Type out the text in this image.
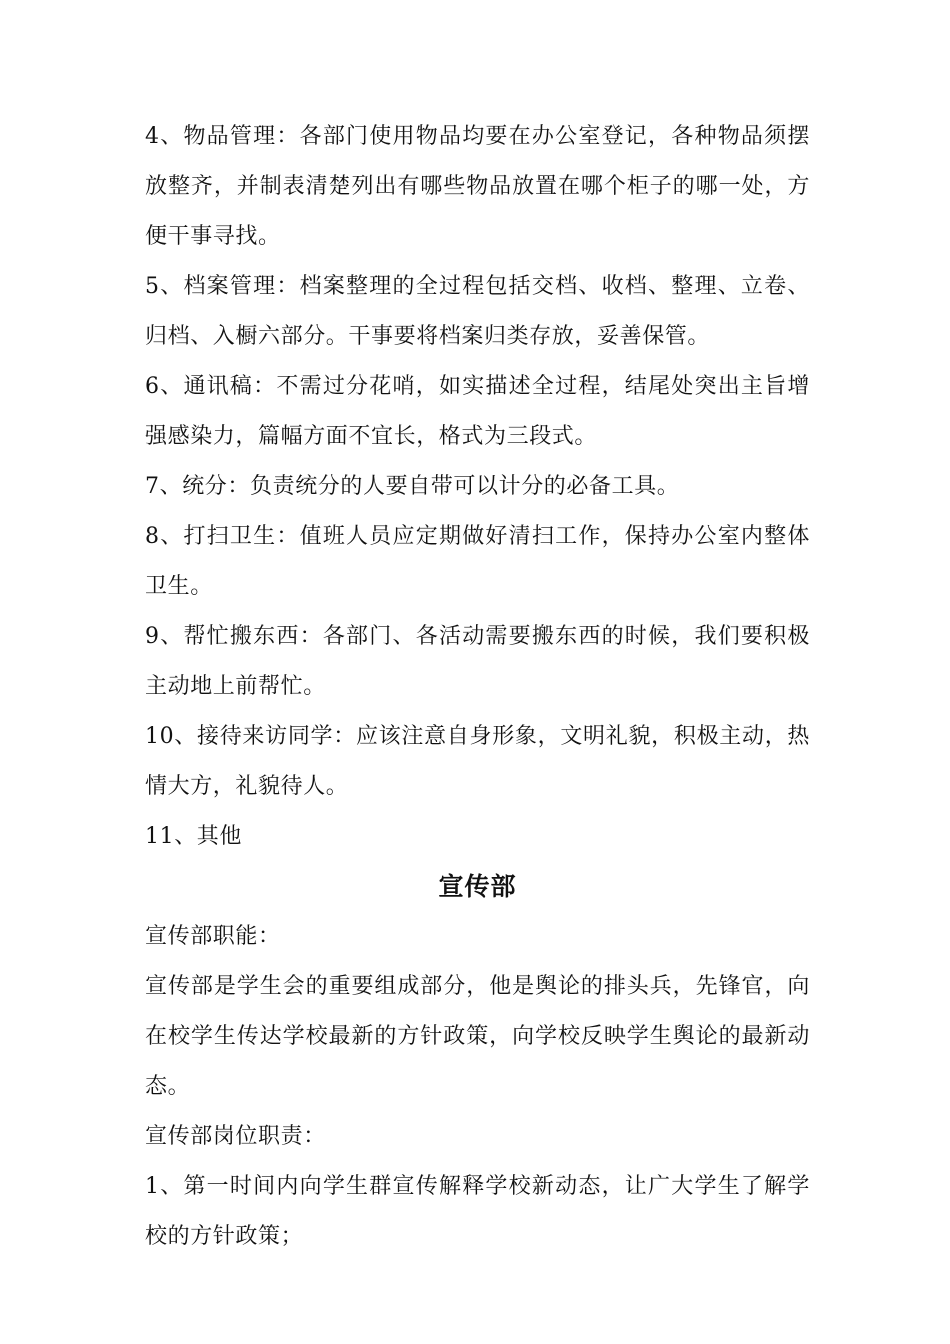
4、物品管理：各部门使用物品均要在办公室登记，各种物品须摆放整齐，并制表清楚列出有哪些物品放置在哪个柜子的哪一处，方便干事寻找。

5、档案管理：档案整理的全过程包括交档、收档、整理、立卷、归档、入橱六部分。干事要将档案归类存放，妥善保管。

6、通讯稿：不需过分花哨，如实描述全过程，结尾处突出主旨增强感染力，篇幅方面不宜长，格式为三段式。

7、统分：负责统分的人要自带可以计分的必备工具。

8、打扫卫生：值班人员应定期做好清扫工作，保持办公室内整体卫生。

9、帮忙搬东西：各部门、各活动需要搬东西的时候，我们要积极主动地上前帮忙。

10、接待来访同学：应该注意自身形象，文明礼貌，积极主动，热情大方，礼貌待人。

11、其他

宣传部

宣传部职能：

宣传部是学生会的重要组成部分，他是舆论的排头兵，先锋官，向在校学生传达学校最新的方针政策，向学校反映学生舆论的最新动态。

宣传部岗位职责：

1、第一时间内向学生群宣传解释学校新动态，让广大学生了解学校的方针政策；
